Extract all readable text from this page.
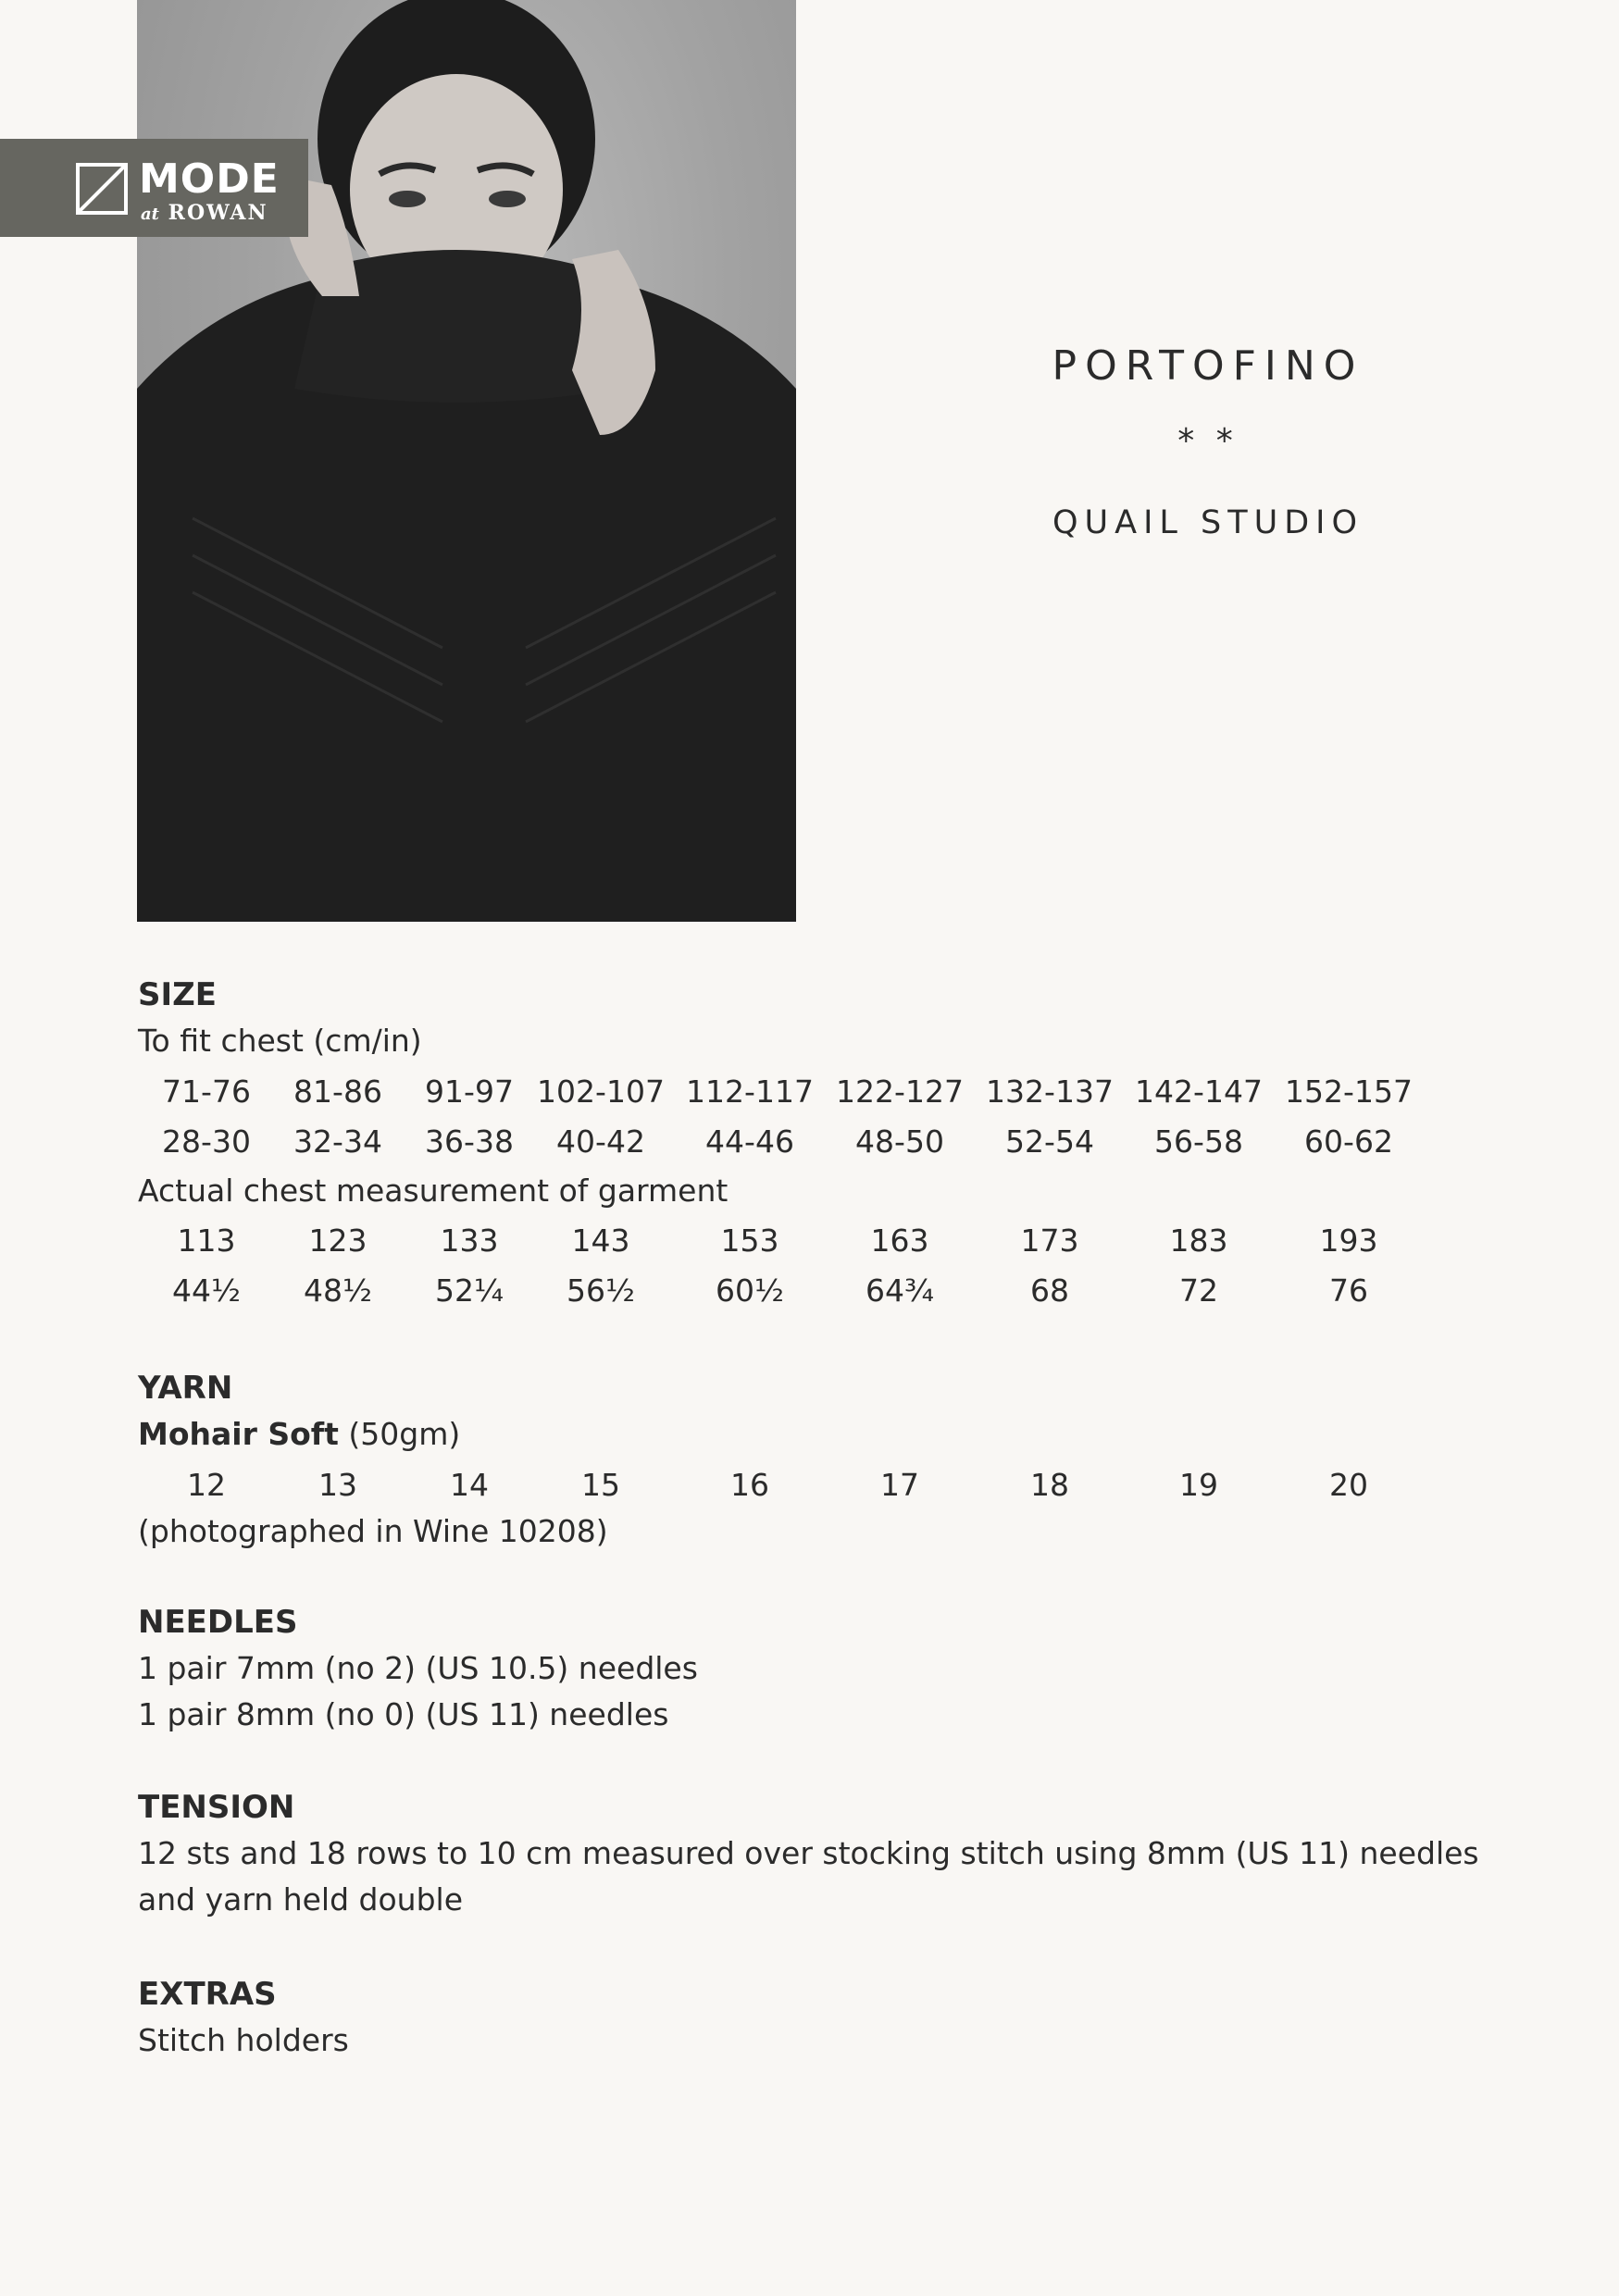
MODE
at ROWAN
PORTOFINO
* *
QUAIL STUDIO
SIZE
To fit chest (cm/in)
71-76 81-86 91-97 102-107 112-117 122-127 132-137 142-147 152-157
28-30 32-34 36-38 40-42 44-46 48-50 52-54 56-58 60-62
Actual chest measurement of garment
113 123 133 143	153	163	173	183	193
44½ 48½ 52¼ 56½	60½	64¾	68	72	76
YARN
Mohair Soft (50gm)
12	13	14	15	16	17	18	19	20
(photographed in Wine 10208)
NEEDLES
1 pair 7mm (no 2) (US 10.5) needles
1 pair 8mm (no 0) (US 11) needles
TENSION
12 sts and 18 rows to 10 cm measured over stocking stitch using 8mm (US 11) needles
and yarn held double
EXTRAS
Stitch holders
